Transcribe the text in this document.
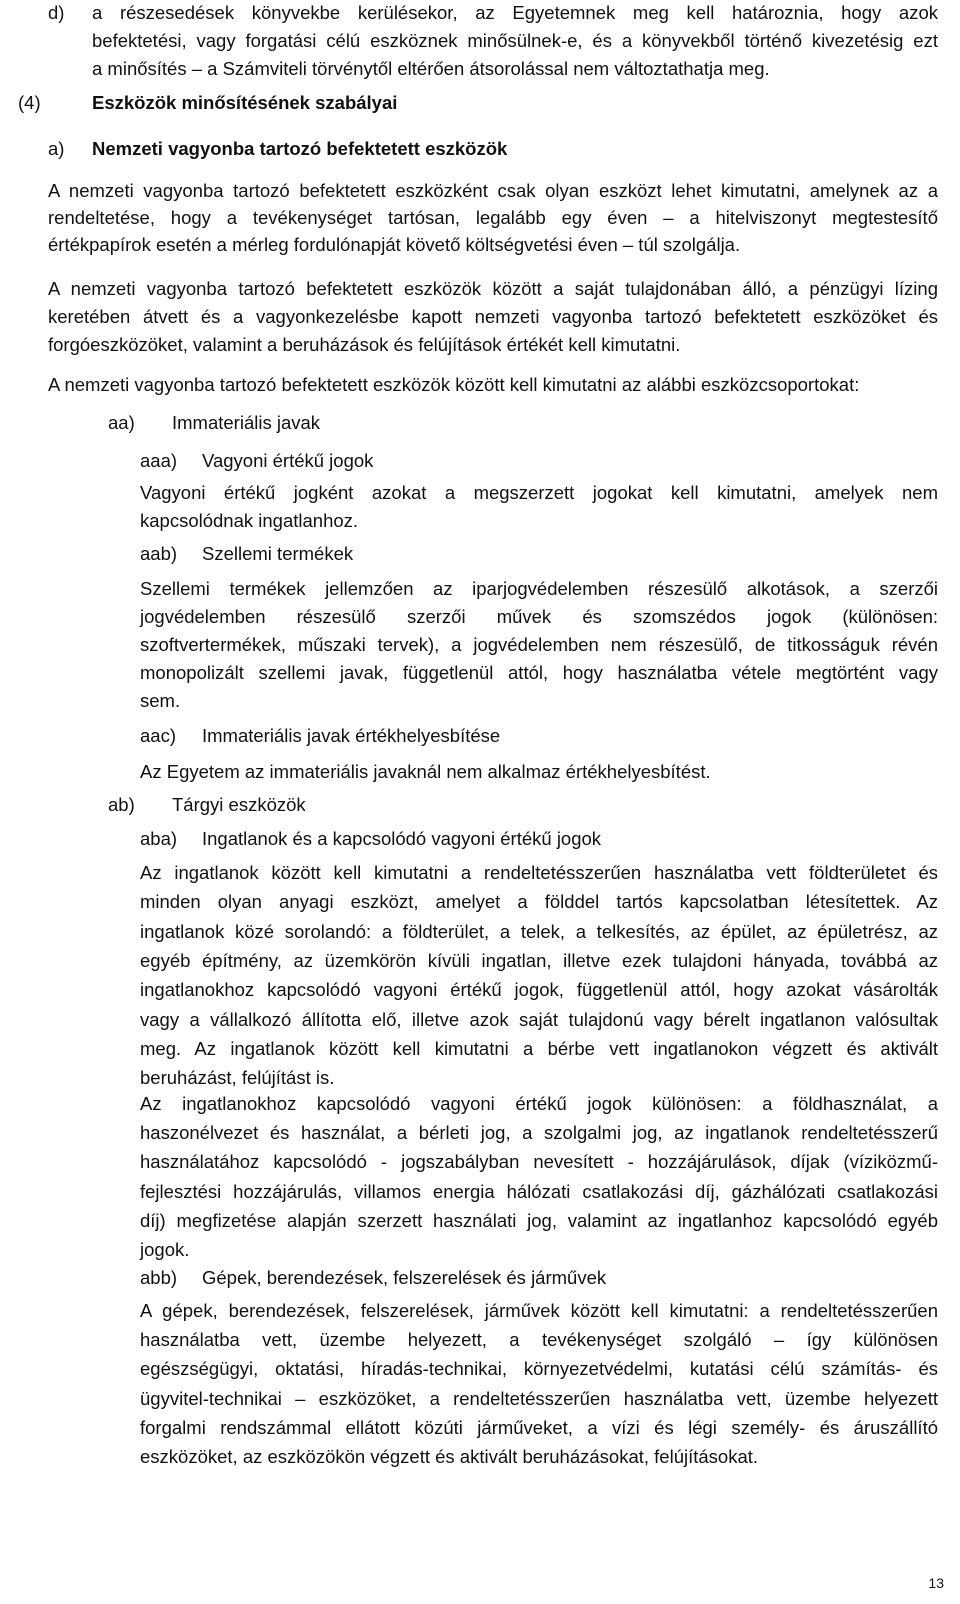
d) a részesedések könyvekbe kerülésekor, az Egyetemnek meg kell határoznia, hogy azok
befektetési, vagy forgatási célú eszköznek minősülnek-e, és a könyvekből történő kivezetésig ezt
a minősítés – a Számviteli törvénytől eltérően átsorolással nem változtathatja meg.
(4)	Eszközök minősítésének szabályai
a) Nemzeti vagyonba tartozó befektetett eszközök
A nemzeti vagyonba tartozó befektetett eszközként csak olyan eszközt lehet kimutatni, amelynek az a
rendeltetése, hogy a tevékenységet tartósan, legalább egy éven – a hitelviszonyt megtestesítő
értékpapírok esetén a mérleg fordulónapját követő költségvetési éven – túl szolgálja.
A nemzeti vagyonba tartozó befektetett eszközök között a saját tulajdonában álló, a pénzügyi lízing
keretében átvett és a vagyonkezelésbe kapott nemzeti vagyonba tartozó befektetett eszközöket és
forgóeszközöket, valamint a beruházások és felújítások értékét kell kimutatni.
A nemzeti vagyonba tartozó befektetett eszközök között kell kimutatni az alábbi eszközcsoportokat:
aa) Immateriális javak
aaa) Vagyoni értékű jogok
Vagyoni értékű jogként azokat a megszerzett jogokat kell kimutatni, amelyek nem
kapcsolódnak ingatlanhoz.
aab) Szellemi termékek
Szellemi termékek jellemzően az iparjogvédelemben részesülő alkotások, a szerzői
jogvédelemben részesülő szerzői művek és szomszédos jogok (különösen:
szoftvertermékek, műszaki tervek), a jogvédelemben nem részesülő, de titkosságuk révén
monopolizált szellemi javak, függetlenül attól, hogy használatba vétele megtörtént vagy
sem.
aac) Immateriális javak értékhelyesbítése
Az Egyetem az immateriális javaknál nem alkalmaz értékhelyesbítést.
ab) Tárgyi eszközök
aba) Ingatlanok és a kapcsolódó vagyoni értékű jogok
Az ingatlanok között kell kimutatni a rendeltetésszerűen használatba vett földterületet és
minden olyan anyagi eszközt, amelyet a földdel tartós kapcsolatban létesítettek. Az
ingatlanok közé sorolandó: a földterület, a telek, a telkesítés, az épület, az épületrész, az
egyéb építmény, az üzemkörön kívüli ingatlan, illetve ezek tulajdoni hányada, továbbá az
ingatlanokhoz kapcsolódó vagyoni értékű jogok, függetlenül attól, hogy azokat vásárolták
vagy a vállalkozó állította elő, illetve azok saját tulajdonú vagy bérelt ingatlanon valósultak
meg. Az ingatlanok között kell kimutatni a bérbe vett ingatlanokon végzett és aktivált
beruházást, felújítást is.
Az ingatlanokhoz kapcsolódó vagyoni értékű jogok különösen: a földhasználat, a
haszonélvezet és használat, a bérleti jog, a szolgalmi jog, az ingatlanok rendeltetésszerű
használatához kapcsolódó - jogszabályban nevesített - hozzájárulások, díjak (víziközmű-
fejlesztési hozzájárulás, villamos energia hálózati csatlakozási díj, gázhálózati csatlakozási
díj) megfizetése alapján szerzett használati jog, valamint az ingatlanhoz kapcsolódó egyéb
jogok.
abb) Gépek, berendezések, felszerelések és járművek
A gépek, berendezések, felszerelések, járművek között kell kimutatni: a rendeltetésszerűen
használatba vett, üzembe helyezett, a tevékenységet szolgáló – így különösen
egészségügyi, oktatási, híradás-technikai, környezetvédelmi, kutatási célú számítás- és
ügyvitel-technikai – eszközöket, a rendeltetésszerűen használatba vett, üzembe helyezett
forgalmi rendszámmal ellátott közúti járműveket, a vízi és légi személy- és áruszállító
eszközöket, az eszközökön végzett és aktivált beruházásokat, felújításokat.
13
